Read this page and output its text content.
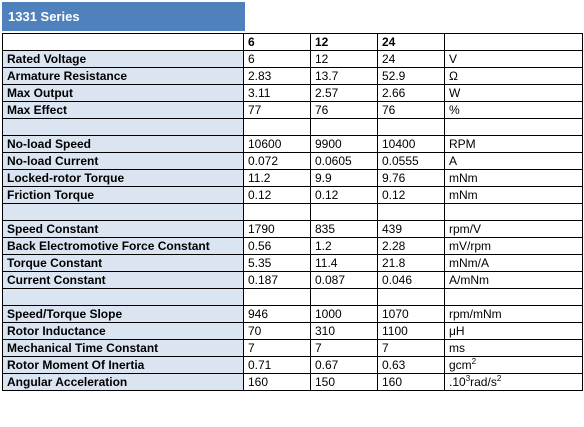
1331 Series
	6	12	24	
Rated Voltage	6	12	24	V
Armature Resistance	2.83	13.7	52.9	Ω
Max Output	3.11	2.57	2.66	W
Max Effect	77	76	76	%

No-load Speed	10600	9900	10400	RPM
No-load Current	0.072	0.0605	0.0555	A
Locked-rotor Torque	11.2	9.9	9.76	mNm
Friction Torque	0.12	0.12	0.12	mNm

Speed Constant	1790	835	439	rpm/V
Back Electromotive Force Constant	0.56	1.2	2.28	mV/rpm
Torque Constant	5.35	11.4	21.8	mNm/A
Current Constant	0.187	0.087	0.046	A/mNm

Speed/Torque Slope	946	1000	1070	rpm/mNm
Rotor Inductance	70	310	1100	μH
Mechanical Time Constant	7	7	7	ms
Rotor Moment Of Inertia	0.71	0.67	0.63	gcm$^2$
Angular Acceleration	160	150	160	$.10^3rad/s^2$
